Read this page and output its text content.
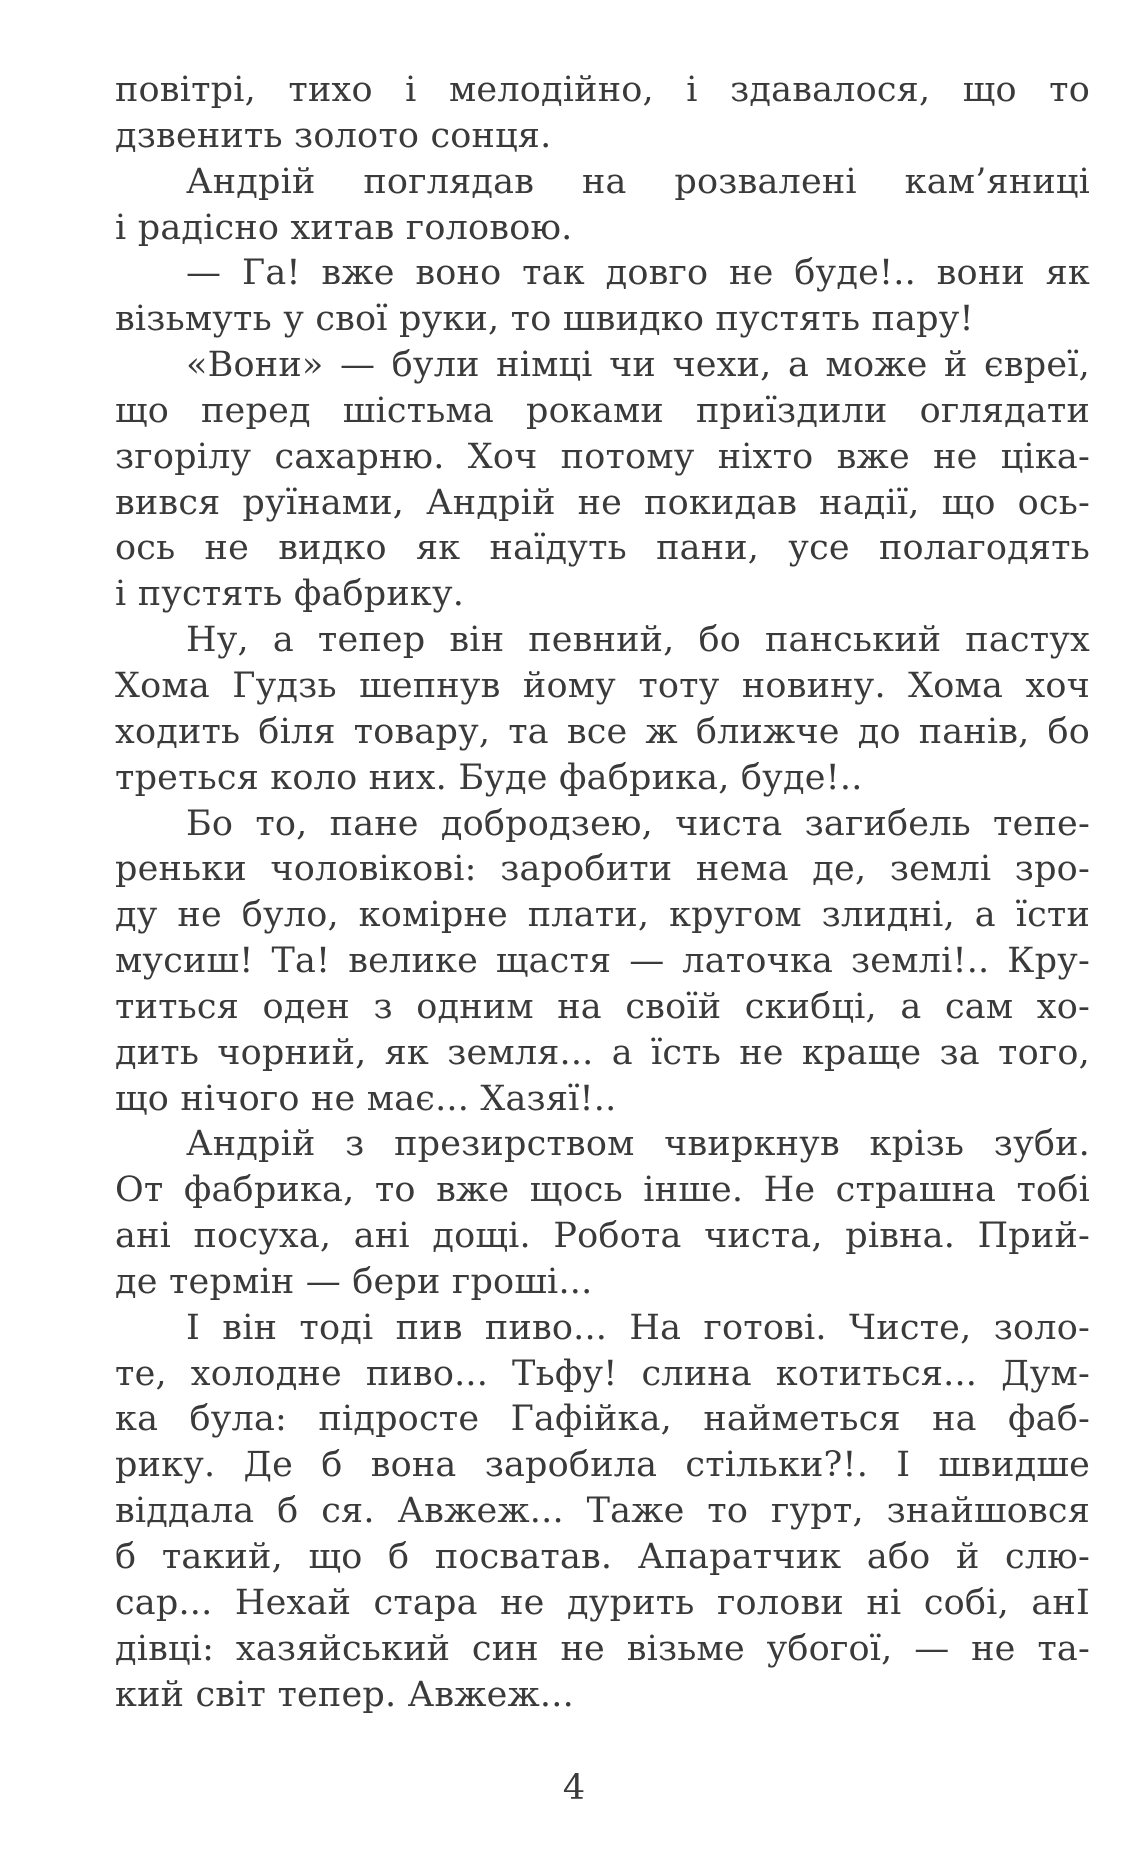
повітрі, тихо і мелодійно, і здавалося, що то
дзвенить золото сонця.
Андрій поглядав на розвалені кам’яниці
і радісно хитав головою.
— Га! вже воно так довго не буде!.. вони як
візьмуть у свої руки, то швидко пустять пару!
«Вони» — були німці чи чехи, а може й євреї,
що перед шістьма роками приїздили оглядати
згорілу сахарню. Хоч потому ніхто вже не ціка-
вився руїнами, Андрій не покидав надії, що ось-
ось не видко як наїдуть пани, усе полагодять
і пустять фабрику.
Ну, а тепер він певний, бо панський пастух
Хома Гудзь шепнув йому тоту новину. Хома хоч
ходить біля товару, та все ж ближче до панів, бо
треться коло них. Буде фабрика, буде!..
Бо то, пане добродзею, чиста загибель тепе-
реньки чоловікові: заробити нема де, землі зро-
ду не було, комірне плати, кругом злидні, а їсти
мусиш! Та! велике щастя — латочка землі!.. Кру-
титься оден з одним на своїй скибці, а сам хо-
дить чорний, як земля... а їсть не краще за того,
що нічого не має... Хазяї!..
Андрій з презирством чвиркнув крізь зуби.
От фабрика, то вже щось інше. Не страшна тобі
ані посуха, ані дощі. Робота чиста, рівна. Прий-
де термін — бери гроші...
І він тоді пив пиво... На готові. Чисте, золо-
те, холодне пиво... Тьфу! слина котиться... Дум-
ка була: підросте Гафійка, найметься на фаб-
рику. Де б вона заробила стільки?!. І швидше
віддала б ся. Авжеж... Таже то гурт, знайшовся
б такий, що б посватав. Апаратчик або й слю-
сар... Нехай стара не дурить голови ні собі, анІ
дівці: хазяйський син не візьме убогої, — не та-
кий світ тепер. Авжеж...
4
